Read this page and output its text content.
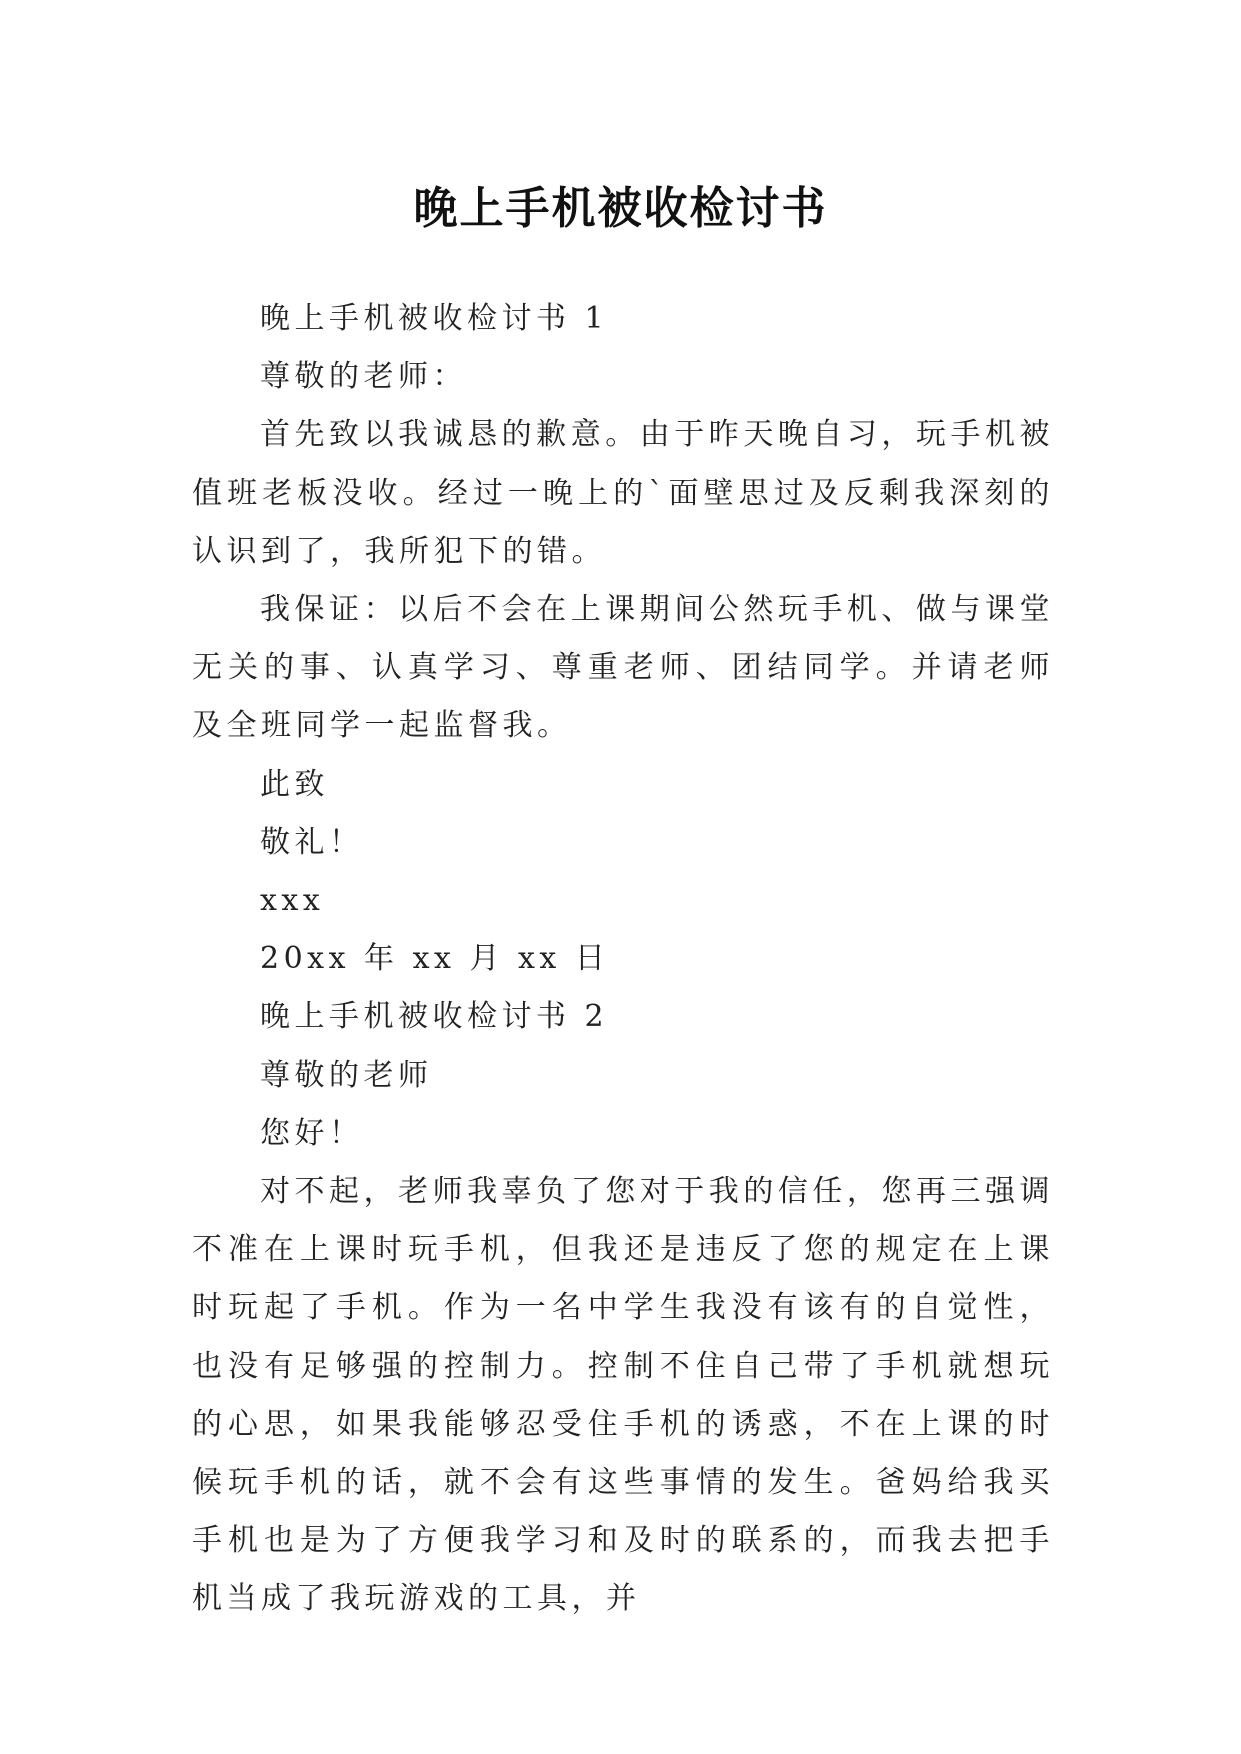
晚上手机被收检讨书

晚上手机被收检讨书 1

尊敬的老师：

首先致以我诚恳的歉意。由于昨天晚自习，玩手机被值班老板没收。经过一晚上的`面壁思过及反剩我深刻的认识到了，我所犯下的错。

我保证：以后不会在上课期间公然玩手机、做与课堂无关的事、认真学习、尊重老师、团结同学。并请老师及全班同学一起监督我。

此致

敬礼！

xxx

20xx 年 xx 月 xx 日

晚上手机被收检讨书 2

尊敬的老师

您好！

对不起，老师我辜负了您对于我的信任，您再三强调不准在上课时玩手机，但我还是违反了您的规定在上课时玩起了手机。作为一名中学生我没有该有的自觉性，也没有足够强的控制力。控制不住自己带了手机就想玩的心思，如果我能够忍受住手机的诱惑，不在上课的时候玩手机的话，就不会有这些事情的发生。爸妈给我买手机也是为了方便我学习和及时的联系的，而我去把手机当成了我玩游戏的工具，并
